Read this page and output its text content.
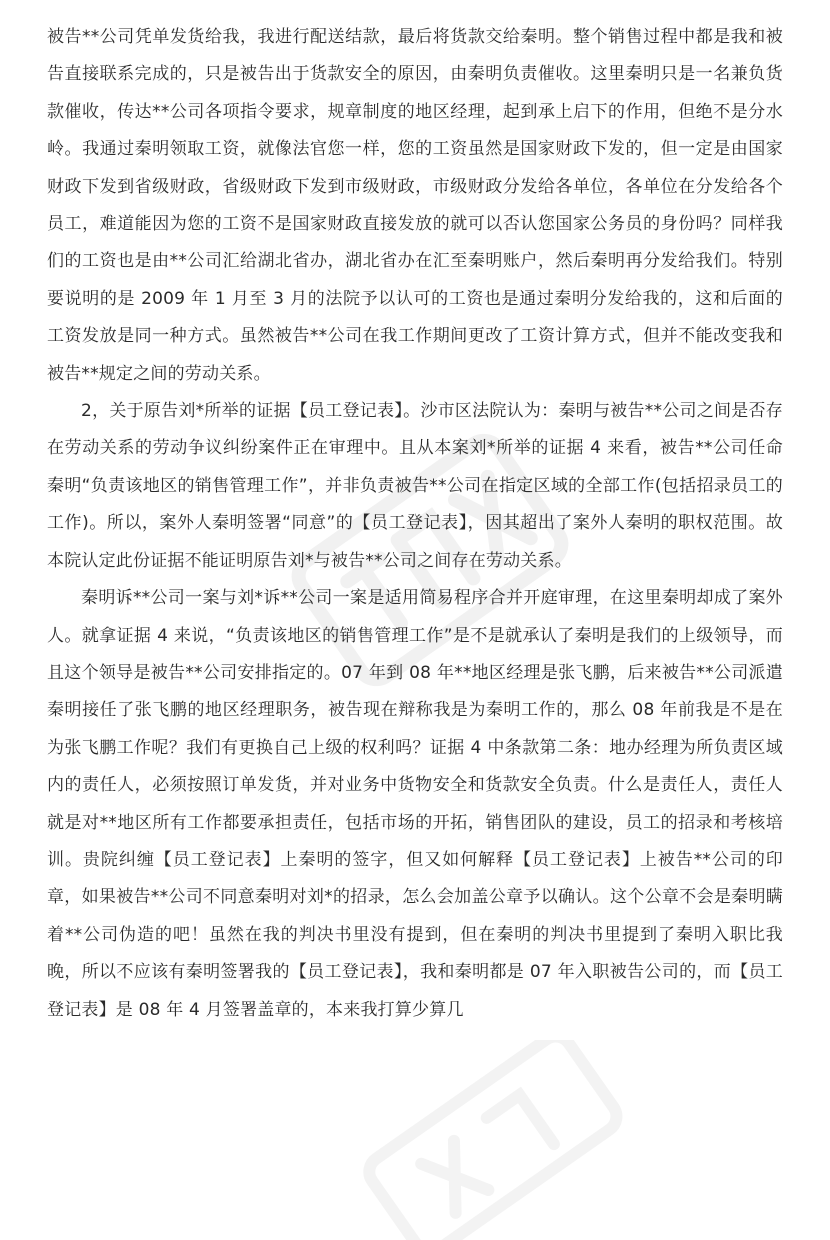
被告**公司凭单发货给我，我进行配送结款，最后将货款交给秦明。整个销售过程中都是我和被告直接联系完成的，只是被告出于货款安全的原因，由秦明负责催收。这里秦明只是一名兼负货款催收，传达**公司各项指令要求，规章制度的地区经理，起到承上启下的作用，但绝不是分水岭。我通过秦明领取工资，就像法官您一样，您的工资虽然是国家财政下发的，但一定是由国家财政下发到省级财政，省级财政下发到市级财政，市级财政分发给各单位，各单位在分发给各个员工，难道能因为您的工资不是国家财政直接发放的就可以否认您国家公务员的身份吗？同样我们的工资也是由**公司汇给湖北省办，湖北省办在汇至秦明账户，然后秦明再分发给我们。特别要说明的是 2009 年 1 月至 3 月的法院予以认可的工资也是通过秦明分发给我的，这和后面的工资发放是同一种方式。虽然被告**公司在我工作期间更改了工资计算方式，但并不能改变我和被告**规定之间的劳动关系。

2，关于原告刘*所举的证据【员工登记表】。沙市区法院认为：秦明与被告**公司之间是否存在劳动关系的劳动争议纠纷案件正在审理中。且从本案刘*所举的证据 4 来看，被告**公司任命秦明“负责该地区的销售管理工作”，并非负责被告**公司在指定区域的全部工作(包括招录员工的工作)。所以，案外人秦明签署“同意”的【员工登记表】，因其超出了案外人秦明的职权范围。故本院认定此份证据不能证明原告刘*与被告**公司之间存在劳动关系。

秦明诉**公司一案与刘*诉**公司一案是适用简易程序合并开庭审理，在这里秦明却成了案外人。就拿证据 4 来说，“负责该地区的销售管理工作”是不是就承认了秦明是我们的上级领导，而且这个领导是被告**公司安排指定的。07 年到 08 年**地区经理是张飞鹏，后来被告**公司派遣秦明接任了张飞鹏的地区经理职务，被告现在辩称我是为秦明工作的，那么 08 年前我是不是在为张飞鹏工作呢？我们有更换自己上级的权利吗？证据 4 中条款第二条：地办经理为所负责区域内的责任人，必须按照订单发货，并对业务中货物安全和货款安全负责。什么是责任人，责任人就是对**地区所有工作都要承担责任，包括市场的开拓，销售团队的建设，员工的招录和考核培训。贵院纠缠【员工登记表】上秦明的签字，但又如何解释【员工登记表】上被告**公司的印章，如果被告**公司不同意秦明对刘*的招录，怎么会加盖公章予以确认。这个公章不会是秦明瞒着**公司伪造的吧！虽然在我的判决书里没有提到，但在秦明的判决书里提到了秦明入职比我晚，所以不应该有秦明签署我的【员工登记表】，我和秦明都是 07 年入职被告公司的，而【员工登记表】是 08 年 4 月签署盖章的，本来我打算少算几
